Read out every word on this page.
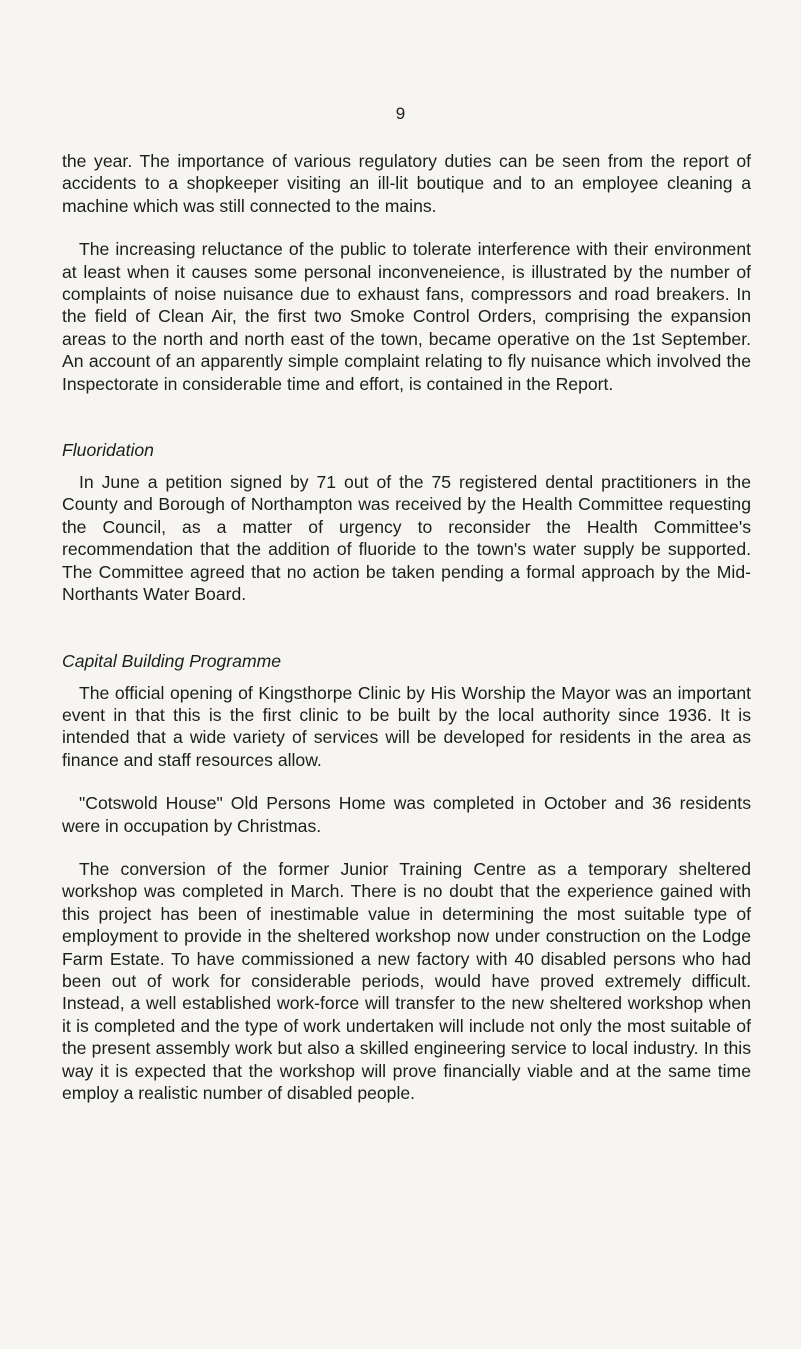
9

the year. The importance of various regulatory duties can be seen from the report of accidents to a shopkeeper visiting an ill-lit boutique and to an employee cleaning a machine which was still connected to the mains.

The increasing reluctance of the public to tolerate interference with their environment at least when it causes some personal inconveneience, is illustrated by the number of complaints of noise nuisance due to exhaust fans, compressors and road breakers. In the field of Clean Air, the first two Smoke Control Orders, comprising the expansion areas to the north and north east of the town, became operative on the 1st September. An account of an apparently simple complaint relating to fly nuisance which involved the Inspectorate in considerable time and effort, is contained in the Report.

Fluoridation

In June a petition signed by 71 out of the 75 registered dental practitioners in the County and Borough of Northampton was received by the Health Committee requesting the Council, as a matter of urgency to reconsider the Health Committee's recommendation that the addition of fluoride to the town's water supply be supported. The Committee agreed that no action be taken pending a formal approach by the Mid-Northants Water Board.

Capital Building Programme

The official opening of Kingsthorpe Clinic by His Worship the Mayor was an important event in that this is the first clinic to be built by the local authority since 1936. It is intended that a wide variety of services will be developed for residents in the area as finance and staff resources allow.

"Cotswold House" Old Persons Home was completed in October and 36 residents were in occupation by Christmas.

The conversion of the former Junior Training Centre as a temporary sheltered workshop was completed in March. There is no doubt that the experience gained with this project has been of inestimable value in determining the most suitable type of employment to provide in the sheltered workshop now under construction on the Lodge Farm Estate. To have commissioned a new factory with 40 disabled persons who had been out of work for considerable periods, would have proved extremely difficult. Instead, a well established work-force will transfer to the new sheltered workshop when it is completed and the type of work undertaken will include not only the most suitable of the present assembly work but also a skilled engineering service to local industry. In this way it is expected that the workshop will prove financially viable and at the same time employ a realistic number of disabled people.
